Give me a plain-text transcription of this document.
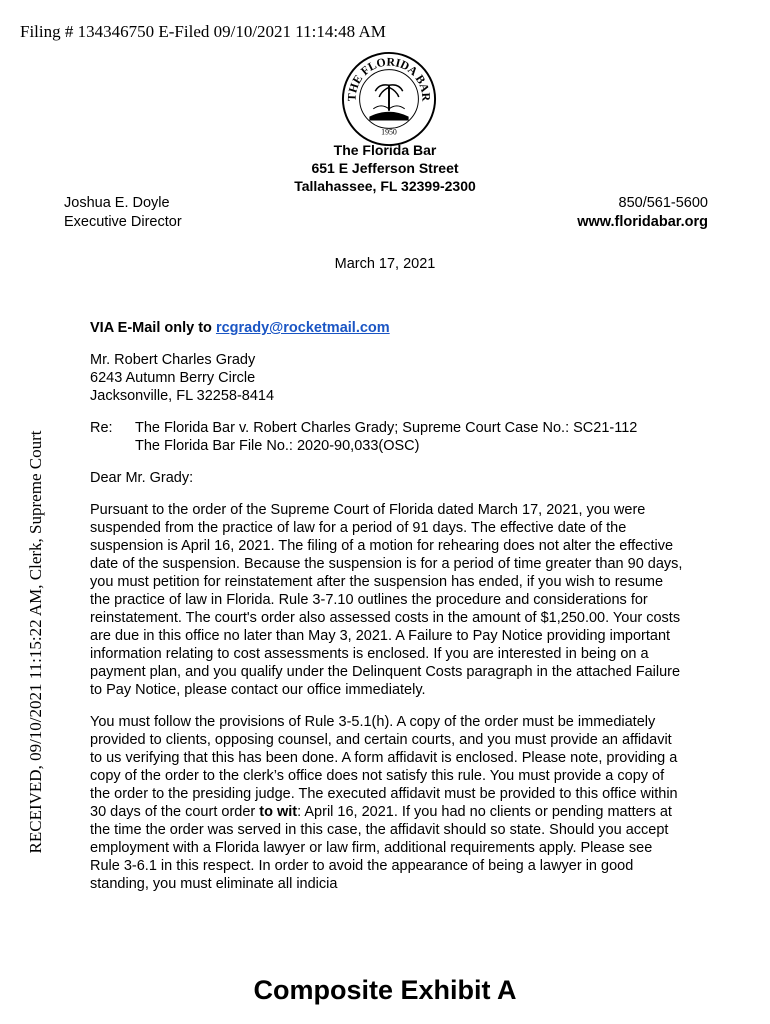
Filing # 134346750 E-Filed 09/10/2021 11:14:48 AM
THE FLORIDA BAR
1950
The Florida Bar
651 E Jefferson Street
Tallahassee, FL 32399-2300
Joshua E. Doyle
Executive Director
850/561-5600
www.floridabar.org
March 17, 2021
RECEIVED, 09/10/2021 11:15:22 AM, Clerk, Supreme Court
VIA E-Mail only to rcgrady@rocketmail.com
Mr. Robert Charles Grady
6243 Autumn Berry Circle
Jacksonville, FL 32258-8414
Re:	The Florida Bar v. Robert Charles Grady; Supreme Court Case No.: SC21-112
The Florida Bar File No.: 2020-90,033(OSC)
Dear Mr. Grady:
Pursuant to the order of the Supreme Court of Florida dated March 17, 2021, you were suspended from the practice of law for a period of 91 days. The effective date of the suspension is April 16, 2021. The filing of a motion for rehearing does not alter the effective date of the suspension. Because the suspension is for a period of time greater than 90 days, you must petition for reinstatement after the suspension has ended, if you wish to resume the practice of law in Florida. Rule 3-7.10 outlines the procedure and considerations for reinstatement. The court's order also assessed costs in the amount of $1,250.00. Your costs are due in this office no later than May 3, 2021. A Failure to Pay Notice providing important information relating to cost assessments is enclosed. If you are interested in being on a payment plan, and you qualify under the Delinquent Costs paragraph in the attached Failure to Pay Notice, please contact our office immediately.
You must follow the provisions of Rule 3-5.1(h). A copy of the order must be immediately provided to clients, opposing counsel, and certain courts, and you must provide an affidavit to us verifying that this has been done. A form affidavit is enclosed. Please note, providing a copy of the order to the clerk’s office does not satisfy this rule. You must provide a copy of the order to the presiding judge. The executed affidavit must be provided to this office within 30 days of the court order to wit: April 16, 2021. If you had no clients or pending matters at the time the order was served in this case, the affidavit should so state. Should you accept employment with a Florida lawyer or law firm, additional requirements apply. Please see Rule 3-6.1 in this respect. In order to avoid the appearance of being a lawyer in good standing, you must eliminate all indicia
Composite Exhibit A
